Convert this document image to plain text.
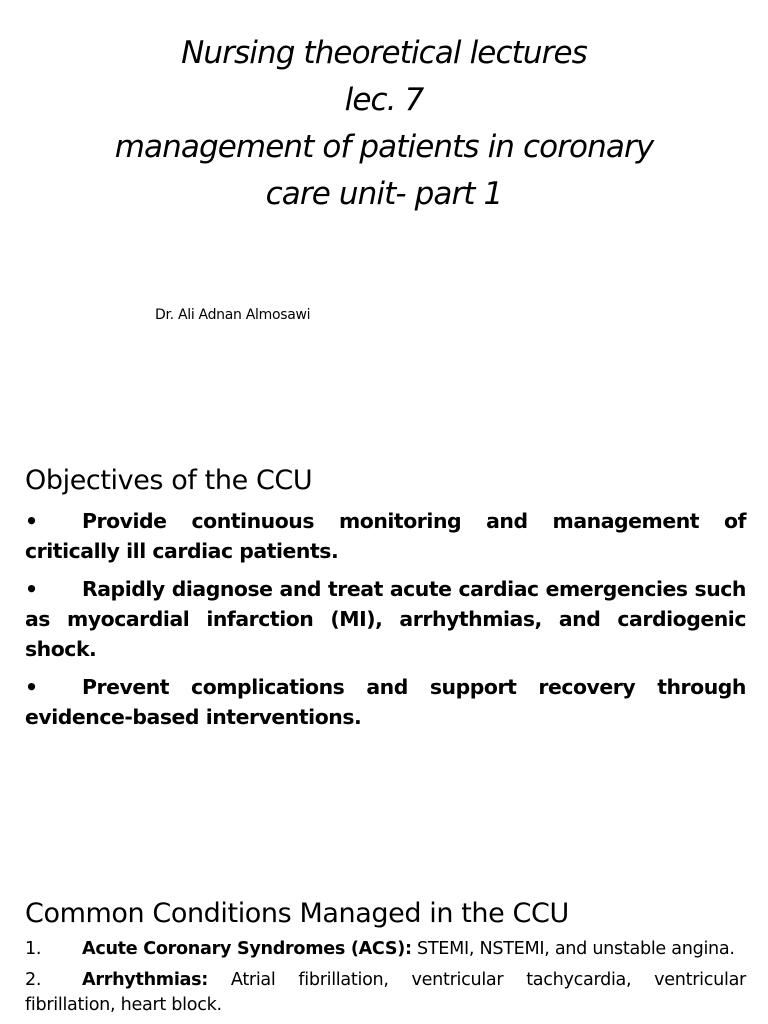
Nursing theoretical lectures
lec. 7
management of patients in coronary
care unit- part 1
Dr. Ali Adnan Almosawi
Objectives of the CCU
• Provide continuous monitoring and management of critically ill cardiac patients.
• Rapidly diagnose and treat acute cardiac emergencies such as myocardial infarction (MI), arrhythmias, and cardiogenic shock.
• Prevent complications and support recovery through evidence-based interventions.
Common Conditions Managed in the CCU
1. Acute Coronary Syndromes (ACS): STEMI, NSTEMI, and unstable angina.
2. Arrhythmias: Atrial fibrillation, ventricular tachycardia, ventricular fibrillation, heart block.
